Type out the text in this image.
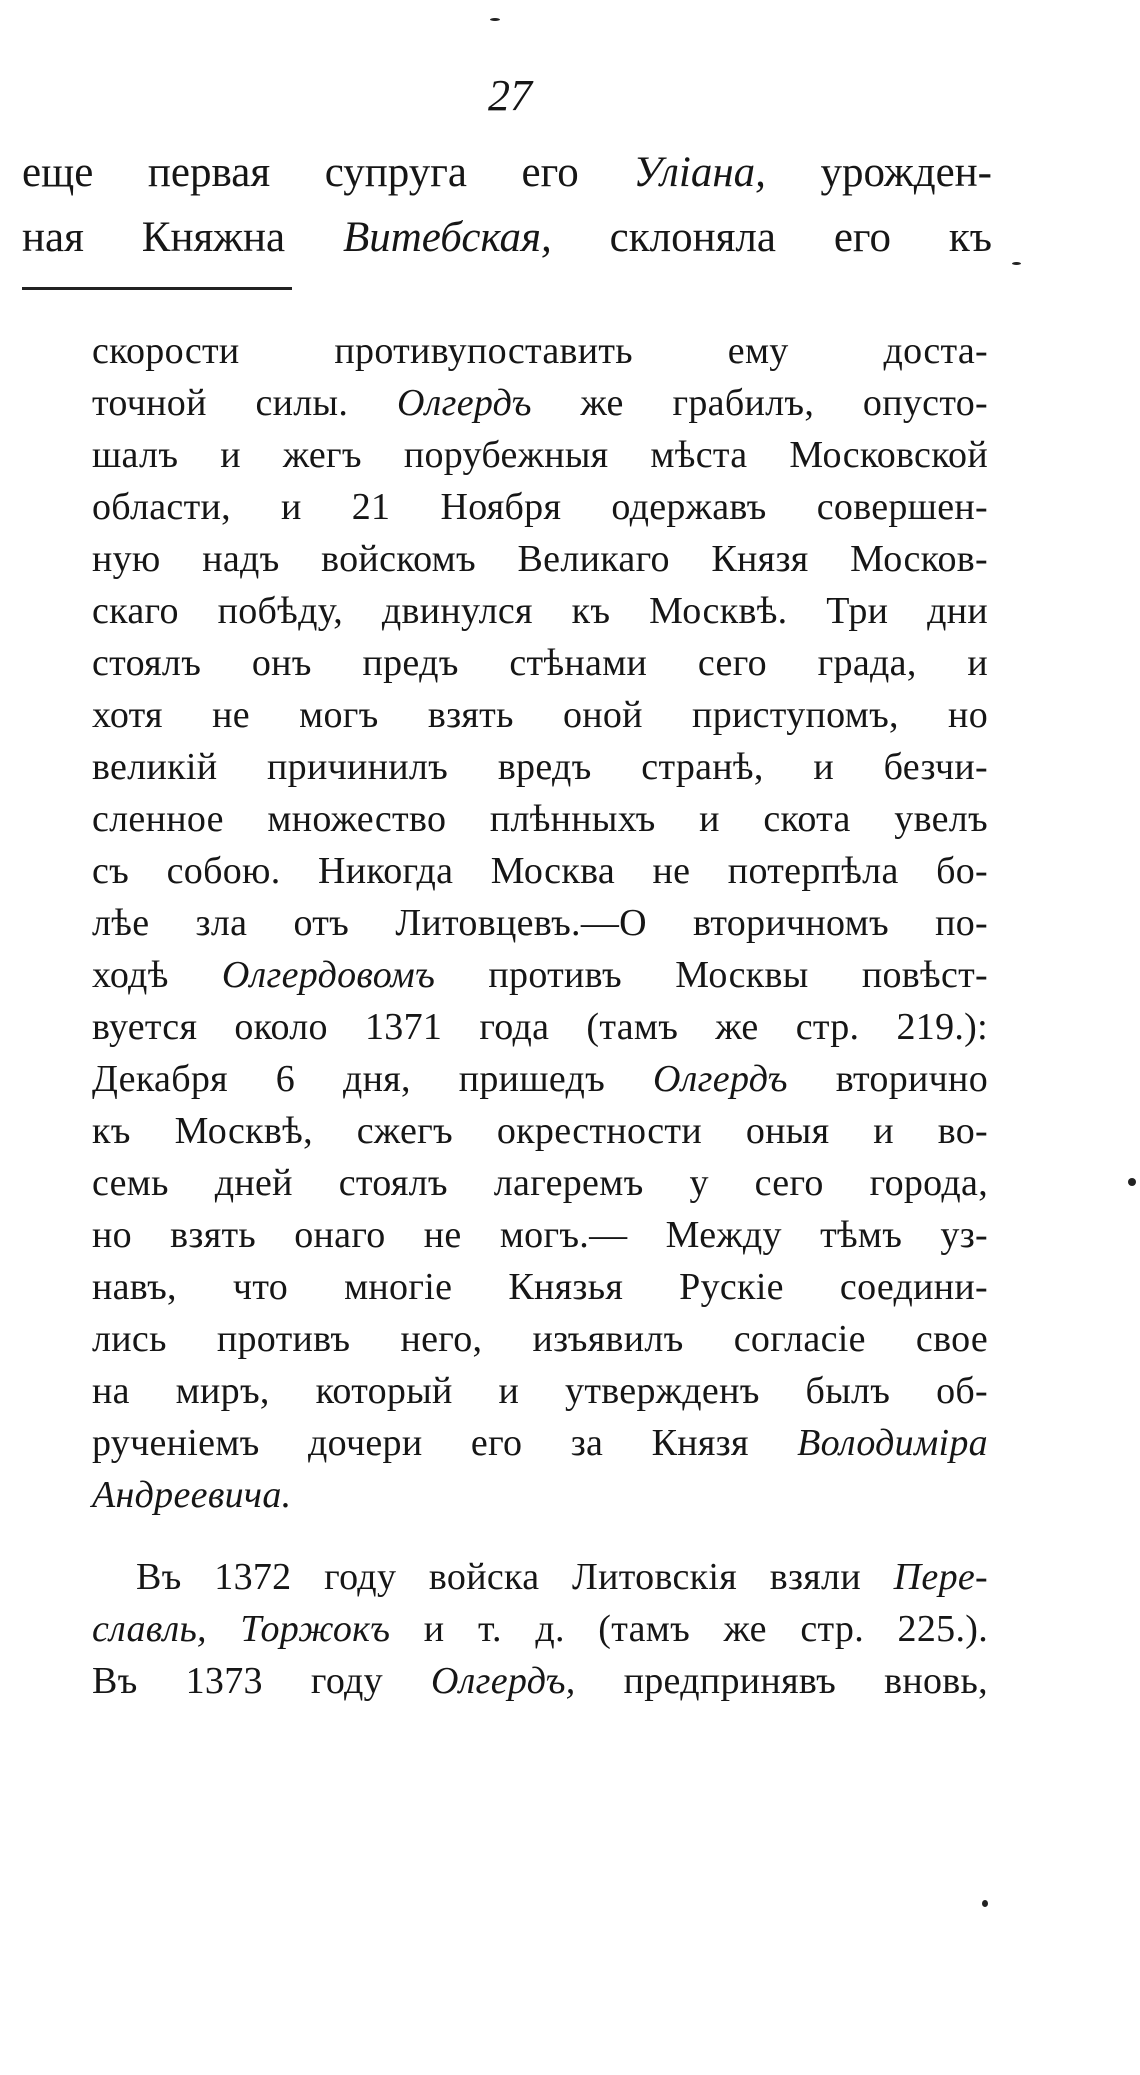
27
еще первая супруга его Уліана, урожден-
ная Княжна Витебская, склоняла его къ
скорости противупоставить ему доста-
точной силы. Олгердъ же грабилъ, опусто-
шалъ и жегъ порубежныя мѣста Московской
области, и 21 Ноября одержавъ совершен-
ную надъ войскомъ Великаго Князя Москов-
скаго побѣду, двинулся къ Москвѣ. Три дни
стоялъ онъ предъ стѣнами сего града, и
хотя не могъ взять оной приступомъ, но
великій причинилъ вредъ странѣ, и безчи-
сленное множество плѣнныхъ и скота увелъ
съ собою. Никогда Москва не потерпѣла бо-
лѣе зла отъ Литовцевъ.—О вторичномъ по-
ходѣ Олгердовомъ противъ Москвы повѣст-
вуется около 1371 года (тамъ же стр. 219.):
Декабря 6 дня, пришедъ Олгердъ вторично
къ Москвѣ, сжегъ окрестности оныя и во-
семь дней стоялъ лагеремъ у сего города,
но взять онаго не могъ.— Между тѣмъ уз-
навъ, что многіе Князья Рускіе соедини-
лись противъ него, изъявилъ согласіе свое
на миръ, который и утвержденъ былъ об-
рученіемъ дочери его за Князя Володиміра
Андреевича.
Въ 1372 году войска Литовскія взяли Пере-
славль, Торжокъ и т. д. (тамъ же стр. 225.).
Въ 1373 году Олгердъ, предпринявъ вновь,
